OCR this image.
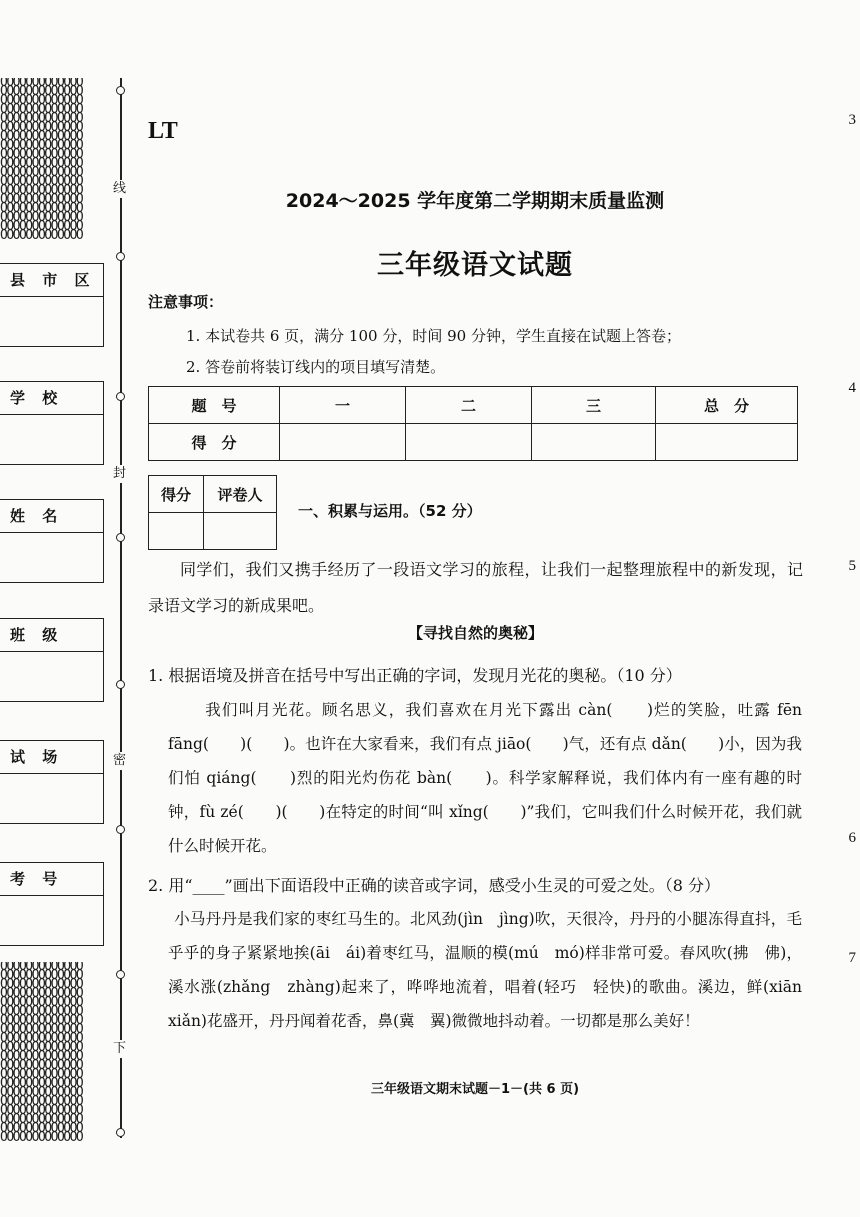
OOOOOOOOOOOOO
OOOOOOOOOOOOO
OOOOOOOOOOOOO
OOOOOOOOOOOOO
OOOOOOOOOOOOO
OOOOOOOOOOOOO
OOOOOOOOOOOOO
OOOOOOOOOOOOO
OOOOOOOOOOOOO
OOOOOOOOOOOOO
OOOOOOOOOOOOO
OOOOOOOOOOOOO
OOOOOOOOOOOOO
OOOOOOOOOOOOO
OOOOOOOOOOOOO
OOOOOOOOOOOOO
OOOOOOOOOOOOO
OOOOOOOOOOOOO
县 市 区
学 校
姓 名
班 级
试 场
考 号
OOOOOOOOOOOOO
OOOOOOOOOOOOO
OOOOOOOOOOOOO
OOOOOOOOOOOOO
OOOOOOOOOOOOO
OOOOOOOOOOOOO
OOOOOOOOOOOOO
OOOOOOOOOOOOO
OOOOOOOOOOOOO
OOOOOOOOOOOOO
OOOOOOOOOOOOO
OOOOOOOOOOOOO
OOOOOOOOOOOOO
OOOOOOOOOOOOO
OOOOOOOOOOOOO
OOOOOOOOOOOOO
OOOOOOOOOOOOO
OOOOOOOOOOOOO
OOOOOOOOOOOOO
OOOOOOOOOOOOO
线
封
密
下
3
4
5
6
7
LT
2024～2025 学年度第二学期期末质量监测
三年级语文试题
注意事项：
1. 本试卷共 6 页，满分 100 分，时间 90 分钟，学生直接在试题上答卷；
2. 答卷前将装订线内的项目填写清楚。
题　号	一	二	三	总　分
得　分				
得分	评卷人

一、积累与运用。（52 分）
同学们，我们又携手经历了一段语文学习的旅程，让我们一起整理旅程中的新发现，记录语文学习的新成果吧。
【寻找自然的奥秘】
1. 根据语境及拼音在括号中写出正确的字词，发现月光花的奥秘。（10 分）
我们叫月光花。顾名思义，我们喜欢在月光下露出 càn(　　)烂的笑脸，吐露 fēn fāng(　　)(　　)。也许在大家看来，我们有点 jiāo(　　)气，还有点 dǎn(　　)小，因为我们怕 qiáng(　　)烈的阳光灼伤花 bàn(　　)。科学家解释说，我们体内有一座有趣的时钟，fù zé(　　)(　　)在特定的时间“叫 xǐng(　　)”我们，它叫我们什么时候开花，我们就什么时候开花。
2. 用“____”画出下面语段中正确的读音或字词，感受小生灵的可爱之处。（8 分）
小马丹丹是我们家的枣红马生的。北风劲(jìn　jìng)吹，天很冷，丹丹的小腿冻得直抖，毛乎乎的身子紧紧地挨(āi　ái)着枣红马，温顺的模(mú　mó)样非常可爱。春风吹(拂　佛)，溪水涨(zhǎng　zhàng)起来了，哗哗地流着，唱着(轻巧　轻快)的歌曲。溪边，鲜(xiān　xiǎn)花盛开，丹丹闻着花香，鼻(冀　翼)微微地抖动着。一切都是那么美好！
三年级语文期末试题－1－(共 6 页)
